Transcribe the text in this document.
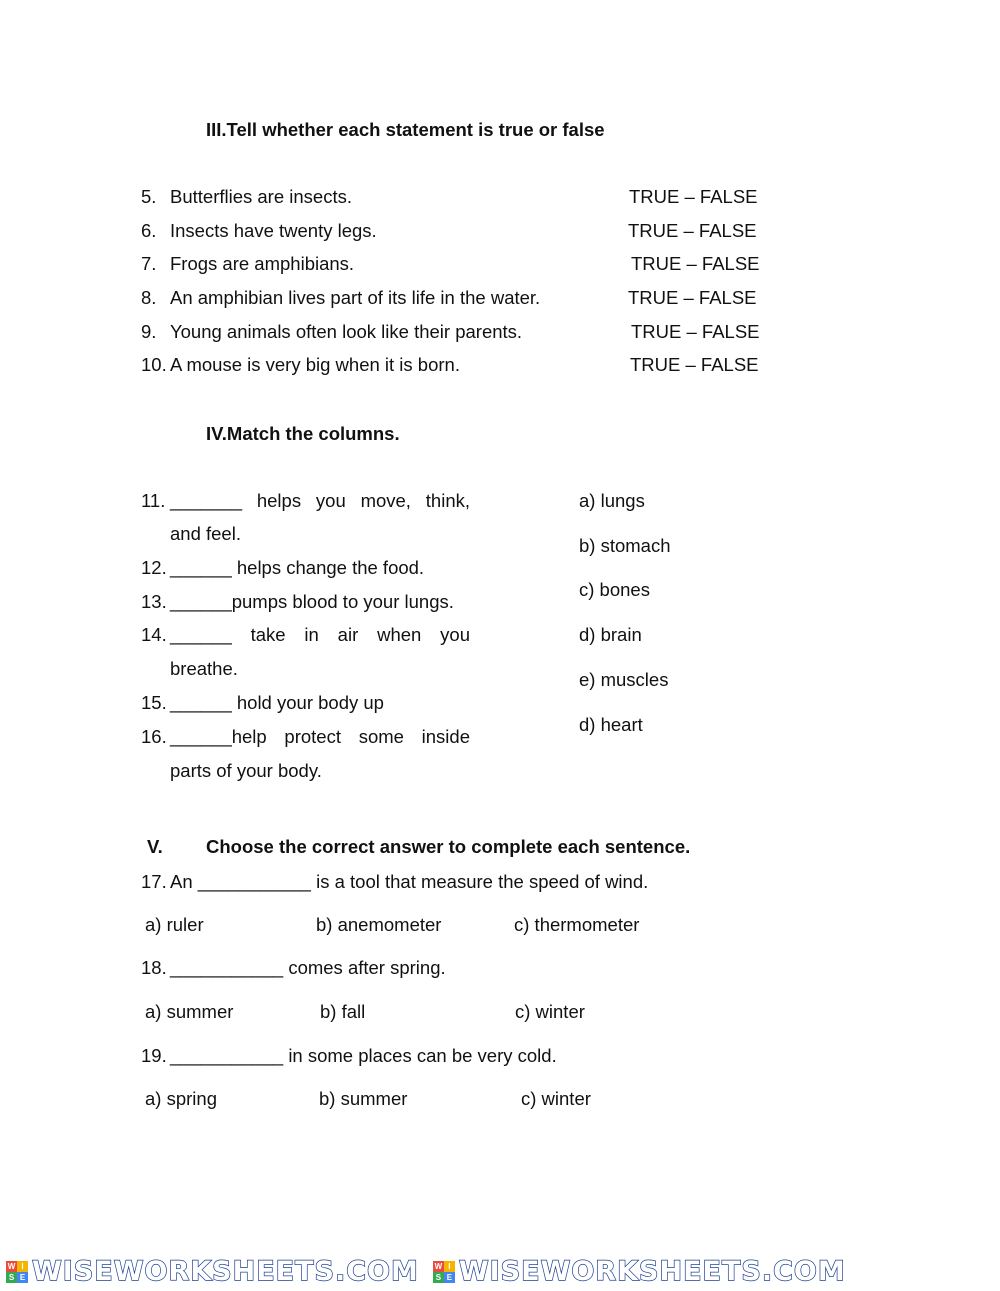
III.Tell whether each statement is true or false
5. Butterflies are insects.	TRUE – FALSE
6. Insects have twenty legs.	TRUE – FALSE
7. Frogs are amphibians.	TRUE – FALSE
8. An amphibian lives part of its life in the water.	TRUE – FALSE
9. Young animals often look like their parents.	TRUE – FALSE
10. A mouse is very big when it is born.	TRUE – FALSE
IV.Match the columns.
11. _______ helps you move, think,
and feel.
12. ______ helps change the food.
13. ______pumps blood to your lungs.
14. ______ take in air when you
breathe.
15. ______ hold your body up
16. ______help protect some inside
parts of your body.
a) lungs
b) stomach
c) bones
d) brain
e) muscles
d) heart
V. Choose the correct answer to complete each sentence.
17. An ___________ is a tool that measure the speed of wind.
a) ruler	b) anemometer	c) thermometer
18. ___________ comes after spring.
a) summer	b) fall	c) winter
19. ___________ in some places can be very cold.
a) spring	b) summer	c) winter
W I
S E WISEWORKSHEETS.COM W I
S E WISEWORKSHEETS.COM
